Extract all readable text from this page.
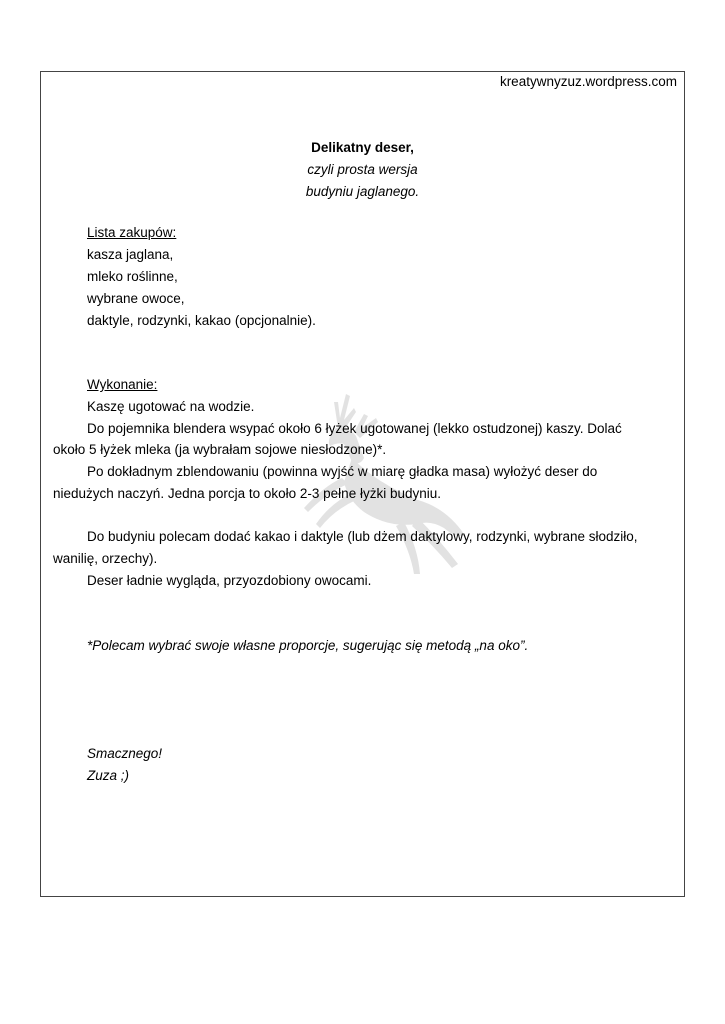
kreatywnyzuz.wordpress.com
Delikatny deser,
czyli prosta wersja
budyniu jaglanego.
Lista zakupów:
kasza jaglana,
mleko roślinne,
wybrane owoce,
daktyle, rodzynki, kakao (opcjonalnie).
Wykonanie:
Kaszę ugotować na wodzie.
Do pojemnika blendera wsypać około 6 łyżek ugotowanej (lekko ostudzonej) kaszy. Dolać
około 5 łyżek mleka (ja wybrałam sojowe niesłodzone)*.
Po dokładnym zblendowaniu (powinna wyjść w miarę gładka masa) wyłożyć deser do
niedużych naczyń. Jedna porcja to około 2-3 pełne łyżki budyniu.
Do budyniu polecam dodać kakao i daktyle (lub dżem daktylowy, rodzynki, wybrane słodziło,
wanilię, orzechy).
Deser ładnie wygląda, przyozdobiony owocami.
*Polecam wybrać swoje własne proporcje, sugerując się metodą „na oko”.
Smacznego!
Zuza ;)
